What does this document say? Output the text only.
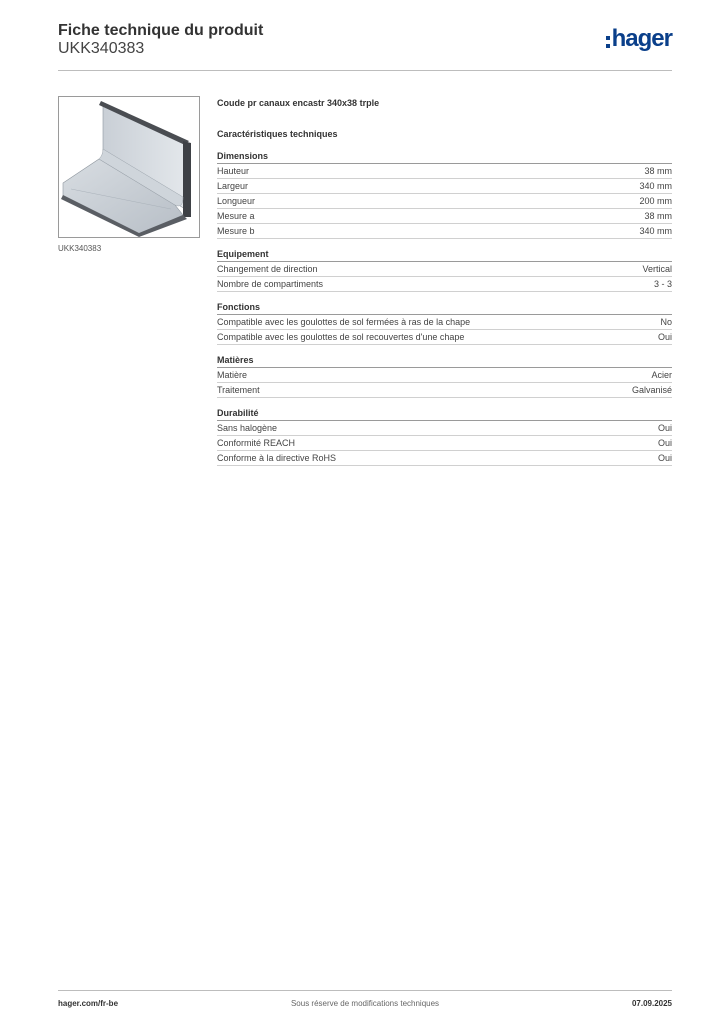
Fiche technique du produit
UKK340383	hager
UKK340383
Coude pr canaux encastr 340x38 trple
Caractéristiques techniques
Dimensions
Hauteur	38 mm
Largeur	340 mm
Longueur	200 mm
Mesure a	38 mm
Mesure b	340 mm
Equipement
Changement de direction	Vertical
Nombre de compartiments	3 - 3
Fonctions
Compatible avec les goulottes de sol fermées à ras de la chape	No
Compatible avec les goulottes de sol recouvertes d'une chape	Oui
Matières
Matière	Acier
Traitement	Galvanisé
Durabilité
Sans halogène	Oui
Conformité REACH	Oui
Conforme à la directive RoHS	Oui
hager.com/fr-be	Sous réserve de modifications techniques	07.09.2025
